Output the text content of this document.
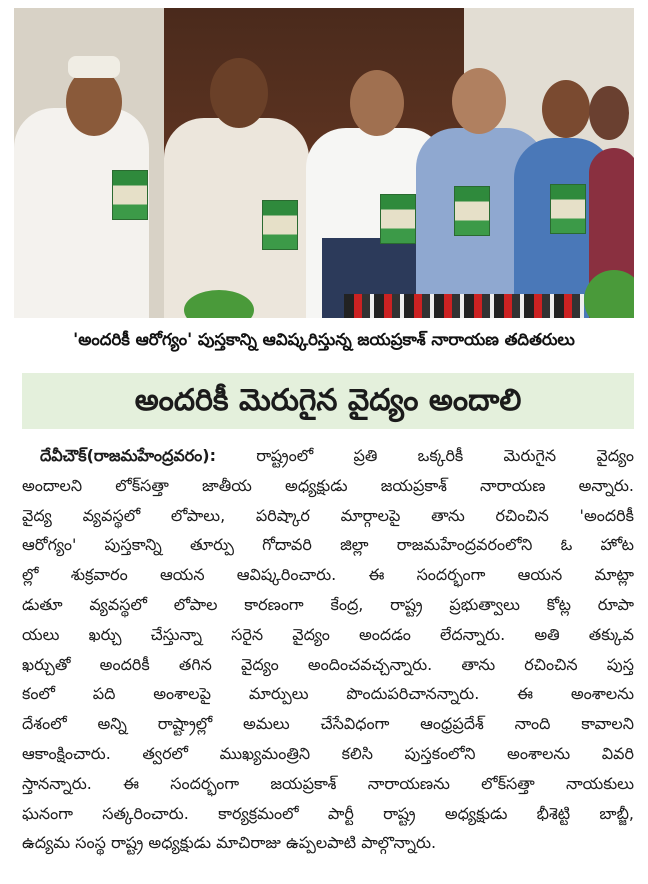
'అందరికీ ఆరోగ్యం' పుస్తకాన్ని ఆవిష్కరిస్తున్న జయప్రకాశ్ నారాయణ తదితరులు
అందరికీ మెరుగైన వైద్యం అందాలి
దేవీచౌక్(రాజమహేంద్రవరం): రాష్ట్రంలో ప్రతి ఒక్కరికీ మెరుగైన వైద్యం
అందాలని లోక్‌సత్తా జాతీయ అధ్యక్షుడు జయప్రకాశ్ నారాయణ అన్నారు.
వైద్య వ్యవస్థలో లోపాలు, పరిష్కార మార్గాలపై తాను రచించిన 'అందరికీ
ఆరోగ్యం' పుస్తకాన్ని తూర్పు గోదావరి జిల్లా రాజమహేంద్రవరంలోని ఓ హోట
ల్లో శుక్రవారం ఆయన ఆవిష్కరించారు. ఈ సందర్భంగా ఆయన మాట్లా
డుతూ వ్యవస్థలో లోపాల కారణంగా కేంద్ర, రాష్ట్ర ప్రభుత్వాలు కోట్ల రూపా
యలు ఖర్చు చేస్తున్నా సరైన వైద్యం అందడం లేదన్నారు. అతి తక్కువ
ఖర్చుతో అందరికీ తగిన వైద్యం అందించవచ్చన్నారు. తాను రచించిన పుస్త
కంలో పది అంశాలపై మార్పులు పొందుపరిచానన్నారు. ఈ అంశాలను
దేశంలో అన్ని రాష్ట్రాల్లో అమలు చేసేవిధంగా ఆంధ్రప్రదేశ్ నాంది కావాలని
ఆకాంక్షించారు. త్వరలో ముఖ్యమంత్రిని కలిసి పుస్తకంలోని అంశాలను వివరి
స్తానన్నారు. ఈ సందర్భంగా జయప్రకాశ్ నారాయణను లోక్‌సత్తా నాయకులు
ఘనంగా సత్కరించారు. కార్యక్రమంలో పార్టీ రాష్ట్ర అధ్యక్షుడు భీశెట్టి బాబ్జీ,
ఉద్యమ సంస్థ రాష్ట్ర అధ్యక్షుడు మాచిరాజు ఉప్పలపాటి పాల్గొన్నారు.
